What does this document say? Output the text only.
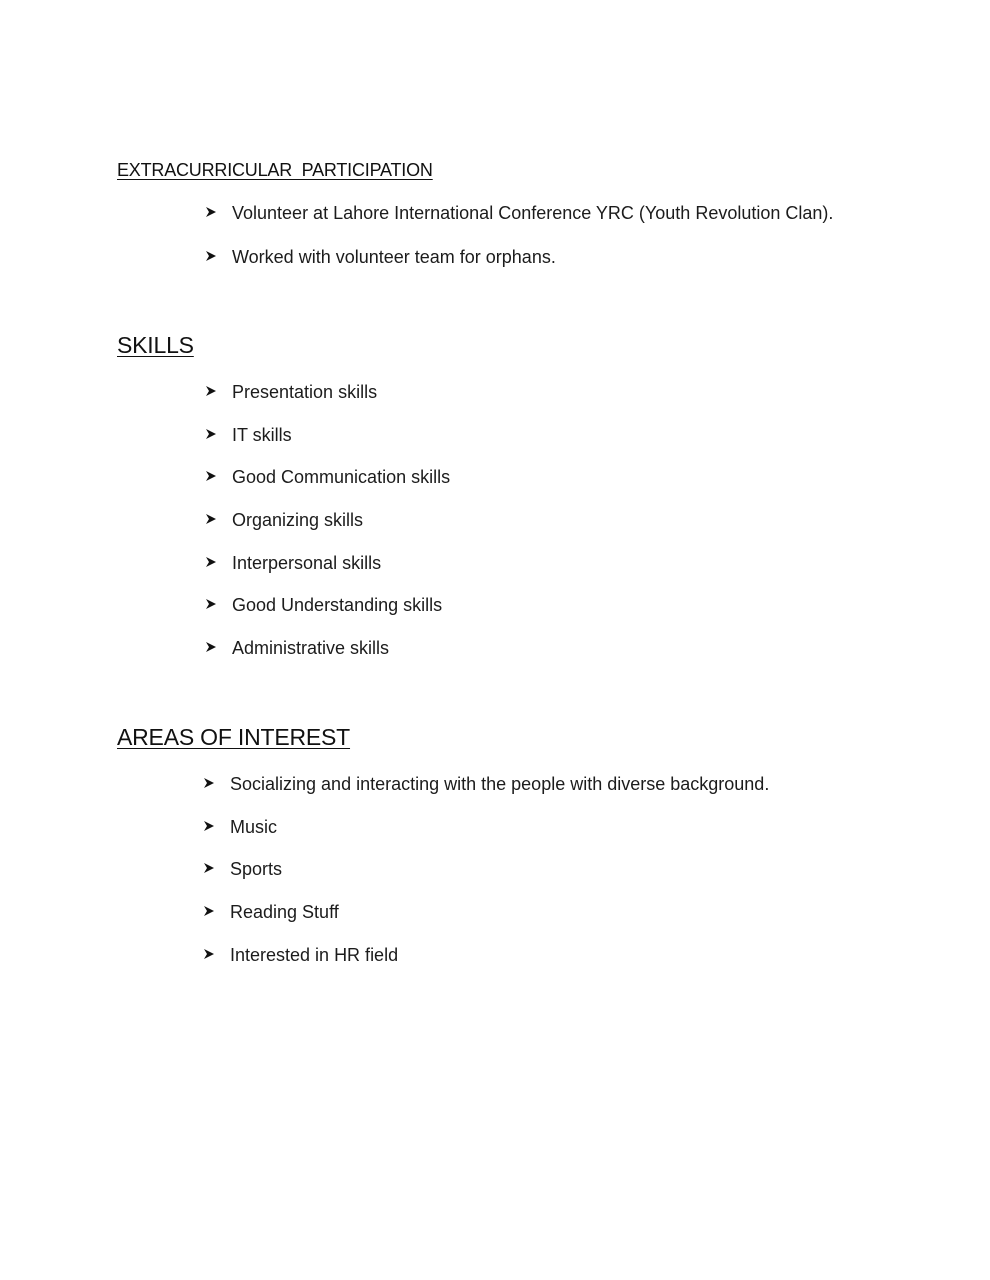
EXTRACURRICULAR  PARTICIPATION
Volunteer at Lahore International Conference YRC (Youth Revolution Clan).
Worked with volunteer team for orphans.
SKILLS
Presentation skills
IT skills
Good Communication skills
Organizing skills
Interpersonal skills
Good Understanding skills
Administrative skills
AREAS OF INTEREST
Socializing and interacting with the people with diverse background.
Music
Sports
Reading Stuff
Interested in HR field
